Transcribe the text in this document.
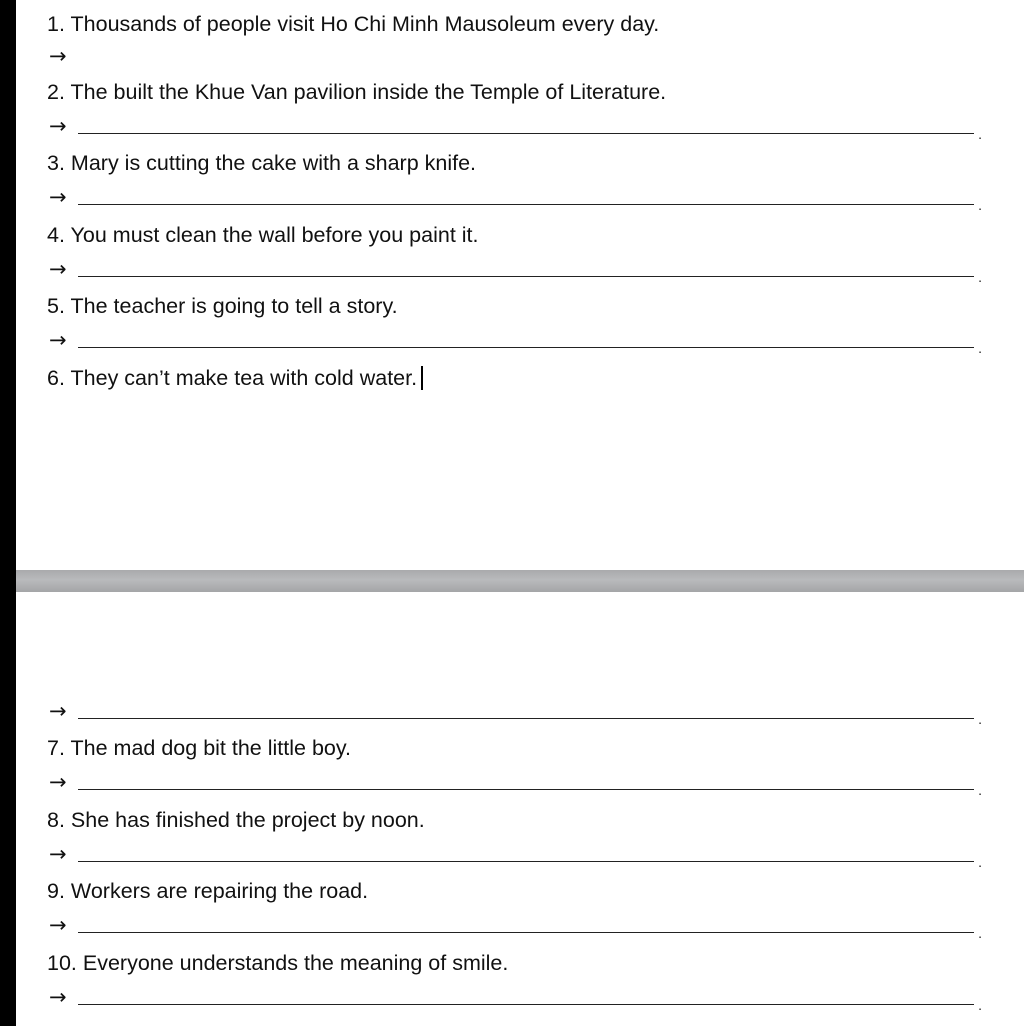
1. Thousands of people visit Ho Chi Minh Mausoleum every day.
→
2. The built the Khue Van pavilion inside the Temple of Literature.
→	.
3. Mary is cutting the cake with a sharp knife.
→	.
4. You must clean the wall before you paint it.
→	.
5. The teacher is going to tell a story.
→	.
6. They can’t make tea with cold water.
→	.
7. The mad dog bit the little boy.
→	.
8. She has finished the project by noon.
→	.
9. Workers are repairing the road.
→	.
10. Everyone understands the meaning of smile.
→	.
